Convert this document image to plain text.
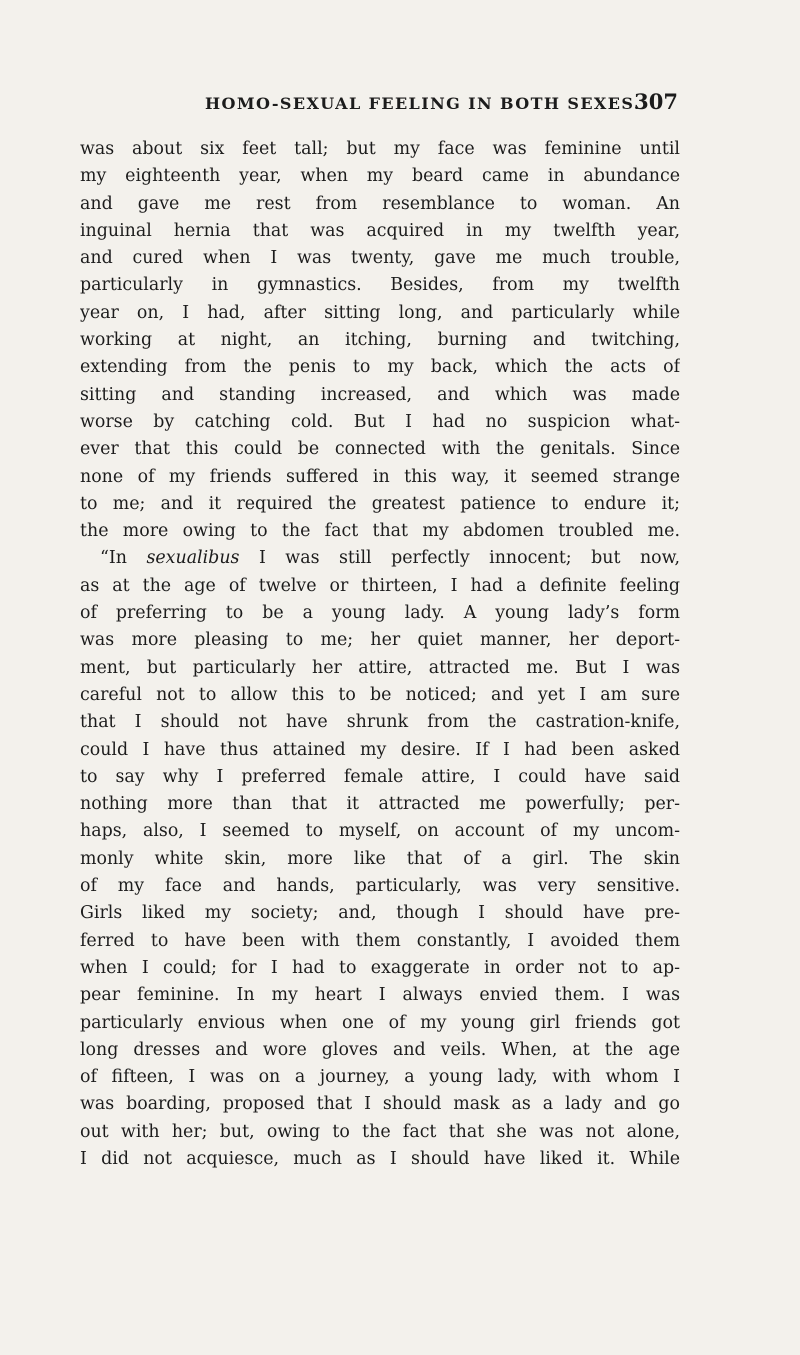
HOMO-SEXUAL FEELING IN BOTH SEXES.
307
was about six feet tall; but my face was feminine until
my eighteenth year, when my beard came in abundance
and gave me rest from resemblance to woman. An
inguinal hernia that was acquired in my twelfth year,
and cured when I was twenty, gave me much trouble,
particularly in gymnastics. Besides, from my twelfth
year on, I had, after sitting long, and particularly while
working at night, an itching, burning and twitching,
extending from the penis to my back, which the acts of
sitting and standing increased, and which was made
worse by catching cold. But I had no suspicion what-
ever that this could be connected with the genitals. Since
none of my friends suffered in this way, it seemed strange
to me; and it required the greatest patience to endure it;
the more owing to the fact that my abdomen troubled me.
“In sexualibus I was still perfectly innocent; but now,
as at the age of twelve or thirteen, I had a definite feeling
of preferring to be a young lady. A young lady’s form
was more pleasing to me; her quiet manner, her deport-
ment, but particularly her attire, attracted me. But I was
careful not to allow this to be noticed; and yet I am sure
that I should not have shrunk from the castration-knife,
could I have thus attained my desire. If I had been asked
to say why I preferred female attire, I could have said
nothing more than that it attracted me powerfully; per-
haps, also, I seemed to myself, on account of my uncom-
monly white skin, more like that of a girl. The skin
of my face and hands, particularly, was very sensitive.
Girls liked my society; and, though I should have pre-
ferred to have been with them constantly, I avoided them
when I could; for I had to exaggerate in order not to ap-
pear feminine. In my heart I always envied them. I was
particularly envious when one of my young girl friends got
long dresses and wore gloves and veils. When, at the age
of fifteen, I was on a journey, a young lady, with whom I
was boarding, proposed that I should mask as a lady and go
out with her; but, owing to the fact that she was not alone,
I did not acquiesce, much as I should have liked it. While
